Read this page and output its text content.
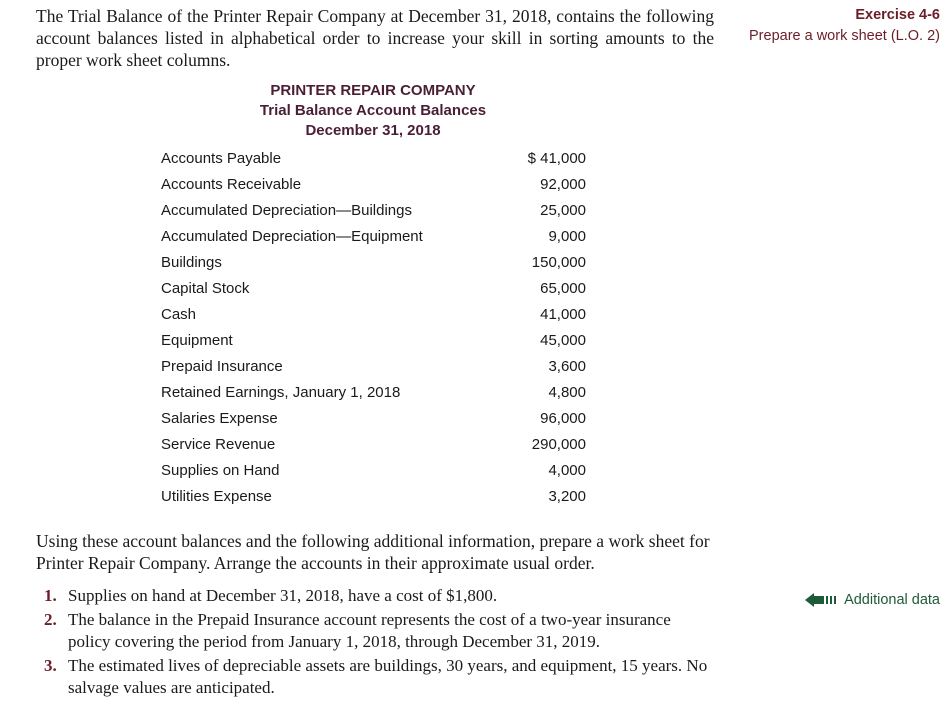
The Trial Balance of the Printer Repair Company at December 31, 2018, contains the following account balances listed in alphabetical order to increase your skill in sorting amounts to the proper work sheet columns.
Exercise 4-6
Prepare a work sheet (L.O. 2)
PRINTER REPAIR COMPANY
Trial Balance Account Balances
December 31, 2018
Accounts Payable	$ 41,000
Accounts Receivable	92,000
Accumulated Depreciation—Buildings	25,000
Accumulated Depreciation—Equipment	9,000
Buildings	150,000
Capital Stock	65,000
Cash	41,000
Equipment	45,000
Prepaid Insurance	3,600
Retained Earnings, January 1, 2018	4,800
Salaries Expense	96,000
Service Revenue	290,000
Supplies on Hand	4,000
Utilities Expense	3,200
Using these account balances and the following additional information, prepare a work sheet for Printer Repair Company. Arrange the accounts in their approximate usual order.
1. Supplies on hand at December 31, 2018, have a cost of $1,800.
2. The balance in the Prepaid Insurance account represents the cost of a two-year insurance policy covering the period from January 1, 2018, through December 31, 2019.
3. The estimated lives of depreciable assets are buildings, 30 years, and equipment, 15 years. No salvage values are anticipated.
Additional data
